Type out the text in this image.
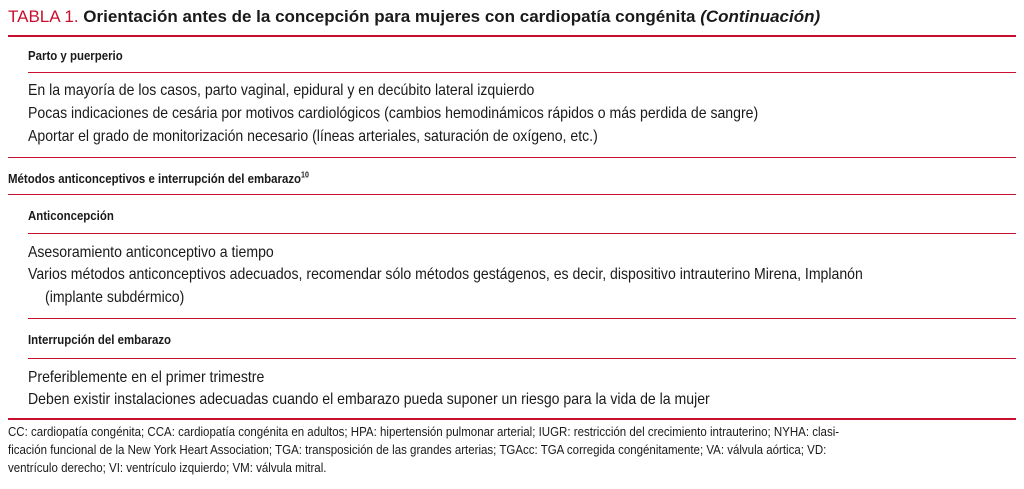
TABLA 1. Orientación antes de la concepción para mujeres con cardiopatía congénita (Continuación)
Parto y puerperio
En la mayoría de los casos, parto vaginal, epidural y en decúbito lateral izquierdo
Pocas indicaciones de cesária por motivos cardiológicos (cambios hemodinámicos rápidos o más perdida de sangre)
Aportar el grado de monitorización necesario (líneas arteriales, saturación de oxígeno, etc.)
Métodos anticonceptivos e interrupción del embarazo$^{10}$
Anticoncepción
Asesoramiento anticonceptivo a tiempo
Varios métodos anticonceptivos adecuados, recomendar sólo métodos gestágenos, es decir, dispositivo intrauterino Mirena, Implanón
(implante subdérmico)
Interrupción del embarazo
Preferiblemente en el primer trimestre
Deben existir instalaciones adecuadas cuando el embarazo pueda suponer un riesgo para la vida de la mujer
CC: cardiopatía congénita; CCA: cardiopatía congénita en adultos; HPA: hipertensión pulmonar arterial; IUGR: restricción del crecimiento intrauterino; NYHA: clasi-
ficación funcional de la New York Heart Association; TGA: transposición de las grandes arterias; TGAcc: TGA corregida congénitamente; VA: válvula aórtica; VD:
ventrículo derecho; VI: ventrículo izquierdo; VM: válvula mitral.
